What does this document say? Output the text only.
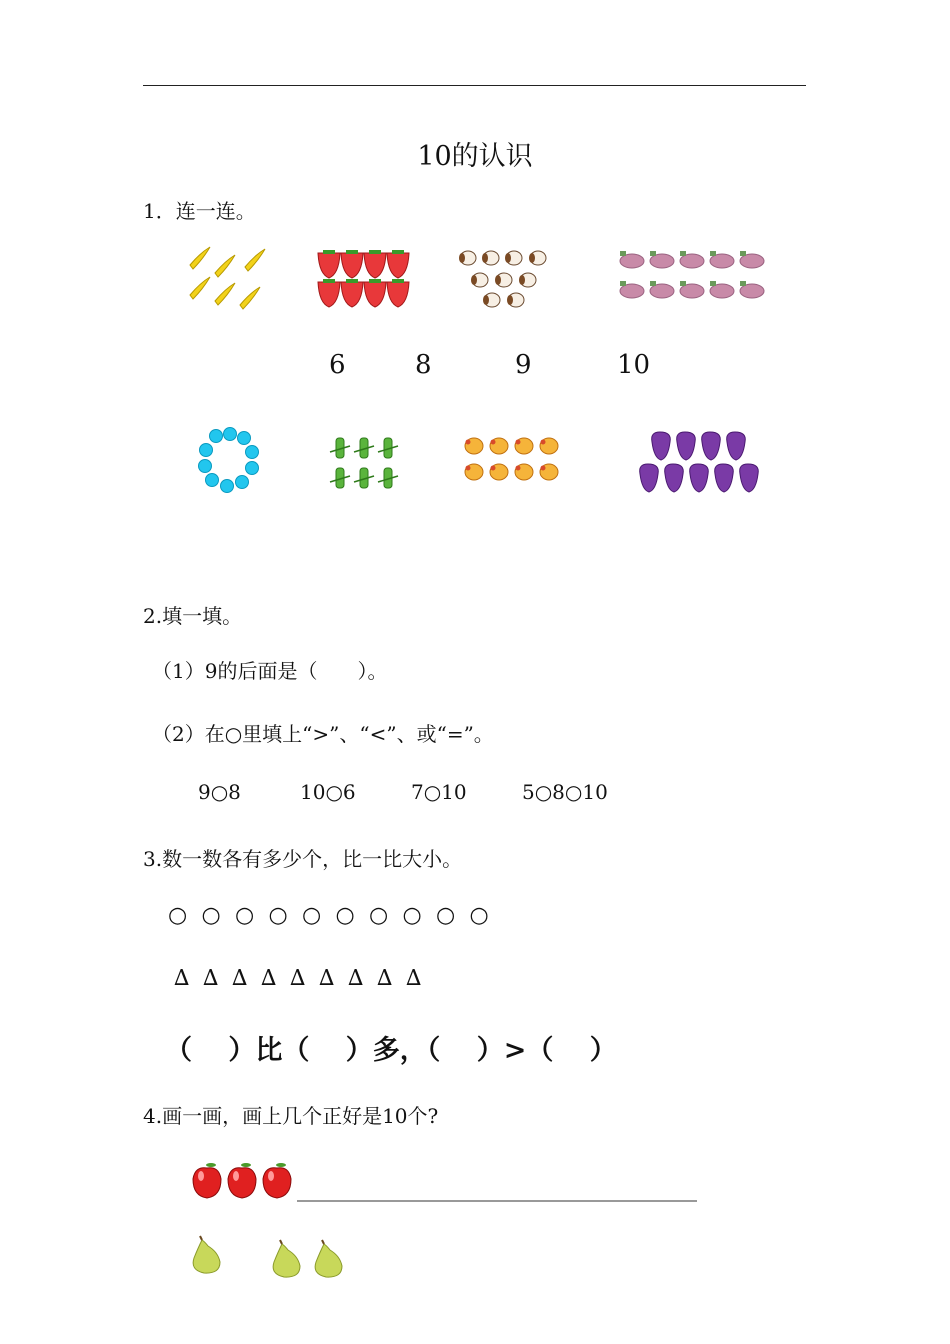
10的认识
1．连一连。
6	8	9	10
2.填一填。
（1）9的后面是（　　）。
（2）在○里填上“>”、“<”、或“=”。
9○8	10○6	7○10	5○8○10
3.数一数各有多少个，比一比大小。
○ ○ ○ ○ ○ ○ ○ ○ ○ ○
∆ ∆ ∆ ∆ ∆ ∆ ∆ ∆ ∆
（　 ）比（　 ）多，（　 ）>（　 ）
4.画一画，画上几个正好是10个?
